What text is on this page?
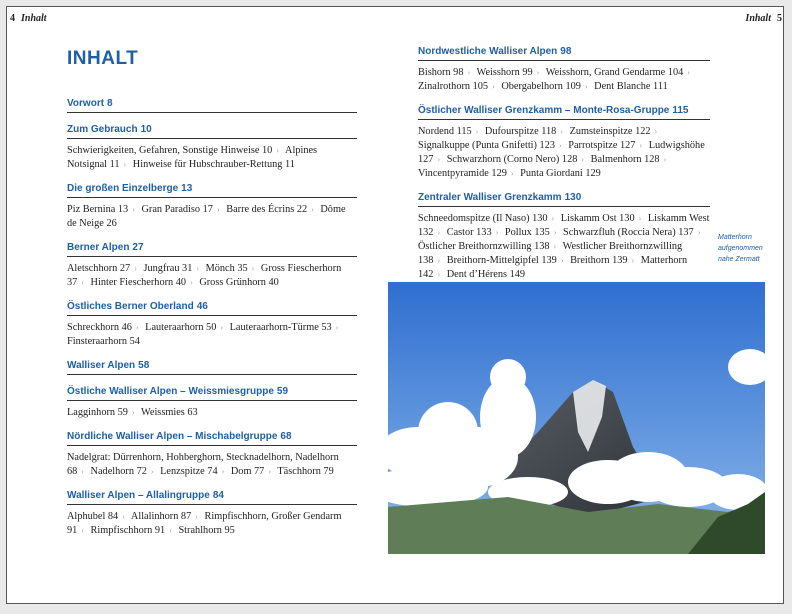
4 Inhalt	Inhalt 5
INHALT
Vorwort 8
Zum Gebrauch 10
Schwierigkeiten, Gefahren, Sonstige Hinweise 10 › Alpines Notsignal 11 › Hinweise für Hubschrauber-Rettung 11
Die großen Einzelberge 13
Piz Bernina 13 › Gran Paradiso 17 › Barre des Écrins 22 › Dôme de Neige 26
Berner Alpen 27
Aletschhorn 27 › Jungfrau 31 › Mönch 35 › Gross Fiescherhorn 37 › Hinter Fiescherhorn 40 › Gross Grünhorn 40
Östliches Berner Oberland 46
Schreckhorn 46 › Lauteraarhorn 50 › Lauteraarhorn-Türme 53 › Finsteraarhorn 54
Walliser Alpen 58
Östliche Walliser Alpen – Weissmiesgruppe 59
Lagginhorn 59 › Weissmies 63
Nördliche Walliser Alpen – Mischabelgruppe 68
Nadelgrat: Dürrenhorn, Hohberghorn, Stecknadelhorn, Nadelhorn 68 › Nadelhorn 72 › Lenzspitze 74 › Dom 77 › Täschhorn 79
Walliser Alpen – Allalingruppe 84
Alphubel 84 › Allalinhorn 87 › Rimpfischhorn, Großer Gendarm 91 › Rimpfischhorn 91 › Strahlhorn 95
Nordwestliche Walliser Alpen 98
Bishorn 98 › Weisshorn 99 › Weisshorn, Grand Gendarme 104 › Zinalrothorn 105 › Obergabelhorn 109 › Dent Blanche 111
Östlicher Walliser Grenzkamm – Monte-Rosa-Gruppe 115
Nordend 115 › Dufourspitze 118 › Zumsteinspitze 122 › Signalkuppe (Punta Gnifetti) 123 › Parrotspitze 127 › Ludwigshöhe 127 › Schwarzhorn (Corno Nero) 128 › Balmenhorn 128 › Vincentpyramide 129 › Punta Giordani 129
Zentraler Walliser Grenzkamm 130
Schneedomspitze (Il Naso) 130 › Liskamm Ost 130 › Liskamm West 132 › Castor 133 › Pollux 135 › Schwarzfluh (Roccia Nera) 137 › Östlicher Breithornzwilling 138 › Westlicher Breithornzwilling 138 › Breithorn-Mittelgipfel 139 › Breithorn 139 › Matterhorn 142 › Dent d’Hérens 149
Matterhorn aufgenommen nahe Zermatt
